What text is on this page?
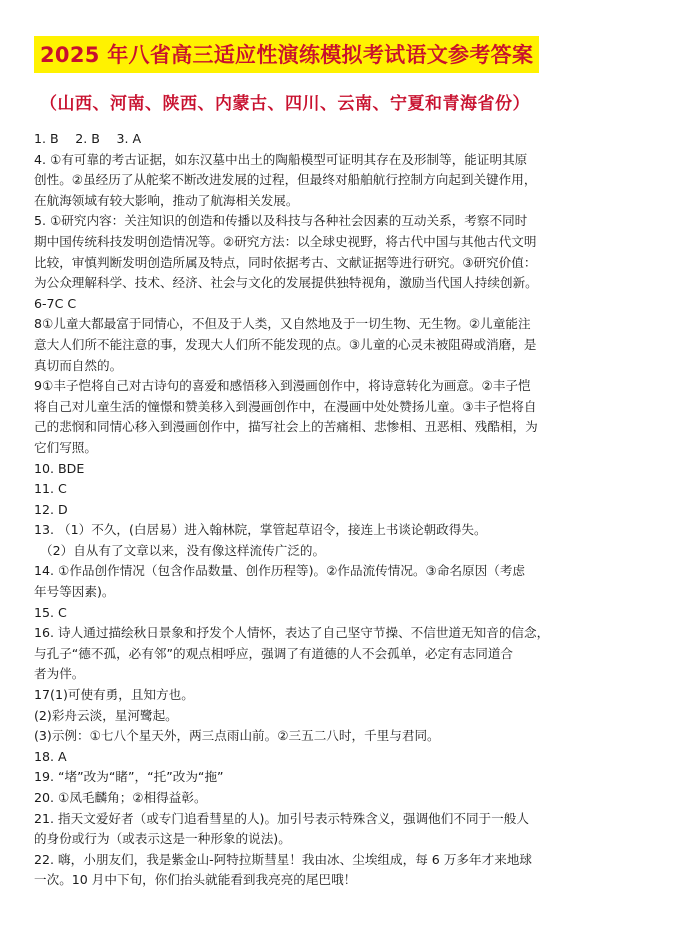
2025 年八省高三适应性演练模拟考试语文参考答案
（山西、河南、陕西、内蒙古、四川、云南、宁夏和青海省份）

1. B　 2. B　 3. A

4. ①有可靠的考古证据，如东汉墓中出土的陶船模型可证明其存在及形制等，能证明其原

创性。②虽经历了从舵桨不断改进发展的过程，但最终对船舶航行控制方向起到关键作用，

在航海领域有较大影响，推动了航海相关发展。

5. ①研究内容：关注知识的创造和传播以及科技与各种社会因素的互动关系，考察不同时

期中国传统科技发明创造情况等。②研究方法：以全球史视野，将古代中国与其他古代文明

比较，审慎判断发明创造所属及特点，同时依据考古、文献证据等进行研究。③研究价值：

为公众理解科学、技术、经济、社会与文化的发展提供独特视角，激励当代国人持续创新。

6-7C C

8①儿童大都最富于同情心，不但及于人类，又自然地及于一切生物、无生物。②儿童能注

意大人们所不能注意的事，发现大人们所不能发现的点。③儿童的心灵未被阻碍或消磨，是

真切而自然的。

9①丰子恺将自己对古诗句的喜爱和感悟移入到漫画创作中，将诗意转化为画意。②丰子恺

将自己对儿童生活的憧憬和赞美移入到漫画创作中，在漫画中处处赞扬儿童。③丰子恺将自

己的悲悯和同情心移入到漫画创作中，描写社会上的苦痛相、悲惨相、丑恶相、残酷相，为

它们写照。

10. BDE

11. C

12. D

13. （1）不久，(白居易）进入翰林院，掌管起草诏令，接连上书谈论朝政得失。

（2）自从有了文章以来，没有像这样流传广泛的。

14. ①作品创作情况（包含作品数量、创作历程等)。②作品流传情况。③命名原因（考虑

年号等因素)。

15. C

16. 诗人通过描绘秋日景象和抒发个人情怀，表达了自己坚守节操、不信世道无知音的信念，

与孔子“德不孤，必有邻”的观点相呼应，强调了有道德的人不会孤单，必定有志同道合

者为伴。

17(1)可使有勇，且知方也。

(2)彩舟云淡，星河鹭起。

(3)示例：①七八个星天外，两三点雨山前。②三五二八时，千里与君同。

18. A

19. “堵”改为“睹”，“托”改为“拖”

20. ①凤毛麟角；②相得益彰。

21. 指天文爱好者（或专门追看彗星的人)。加引号表示特殊含义，强调他们不同于一般人

的身份或行为（或表示这是一种形象的说法)。

22. 嗨，小朋友们，我是紫金山-阿特拉斯彗星！我由冰、尘埃组成，每 6 万多年才来地球

一次。10 月中下旬，你们抬头就能看到我亮亮的尾巴哦！
